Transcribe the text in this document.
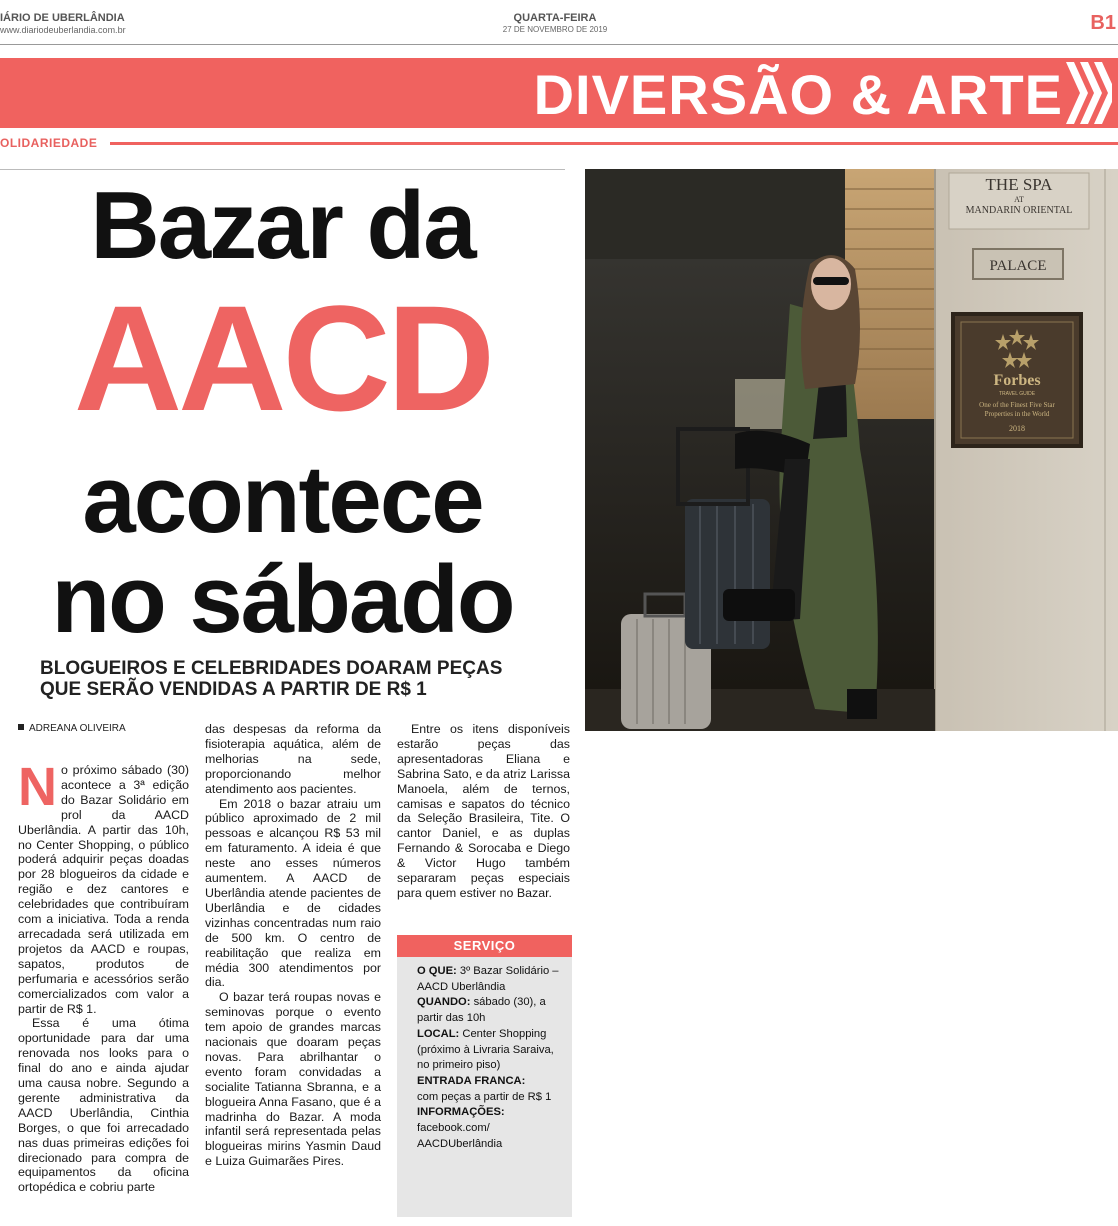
IÁRIO DE UBERLÂNDIA
www.diariodeuberlandia.com.br
QUARTA-FEIRA
27 DE NOVEMBRO DE 2019	B1
DIVERSÃO & ARTE
OLIDARIEDADE
Bazar da
AACD
acontece
no sábado
BLOGUEIROS E CELEBRIDADES DOARAM PEÇAS
QUE SERÃO VENDIDAS A PARTIR DE R$ 1
ADREANA OLIVEIRA
N o próximo sábado (30) acontece a 3ª edição do Bazar Solidário em prol da AACD Uberlândia. A partir das 10h, no Center Shopping, o público poderá adquirir peças doadas por 28 blogueiros da cidade e região e dez cantores e celebridades que contribuíram com a iniciativa. Toda a renda arrecadada será utilizada em projetos da AACD e roupas, sapatos, produtos de perfumaria e acessórios serão comercializados com valor a partir de R$ 1.

Essa é uma ótima oportunidade para dar uma renovada nos looks para o final do ano e ainda ajudar uma causa nobre. Segundo a gerente administrativa da AACD Uberlândia, Cinthia Borges, o que foi arrecadado nas duas primeiras edições foi direcionado para compra de equipamentos da oficina ortopédica e cobriu parte

das despesas da reforma da fisioterapia aquática, além de melhorias na sede, proporcionando melhor atendimento aos pacientes.

Em 2018 o bazar atraiu um público aproximado de 2 mil pessoas e alcançou R$ 53 mil em faturamento. A ideia é que neste ano esses números aumentem. A AACD de Uberlândia atende pacientes de Uberlândia e de cidades vizinhas concentradas num raio de 500 km. O centro de reabilitação que realiza em média 300 atendimentos por dia.

O bazar terá roupas novas e seminovas porque o evento tem apoio de grandes marcas nacionais que doaram peças novas. Para abrilhantar o evento foram convidadas a socialite Tatianna Sbranna, e a blogueira Anna Fasano, que é a madrinha do Bazar. A moda infantil será representada pelas blogueiras mirins Yasmin Daud e Luiza Guimarães Pires.

Entre os itens disponíveis estarão peças das apresentadoras Eliana e Sabrina Sato, e da atriz Larissa Manoela, além de ternos, camisas e sapatos do técnico da Seleção Brasileira, Tite. O cantor Daniel, e as duplas Fernando & Sorocaba e Diego & Victor Hugo também separaram peças especiais para quem estiver no Bazar.

SERVIÇO
O QUE: 3º Bazar Solidário – AACD Uberlândia
QUANDO: sábado (30), a partir das 10h
LOCAL: Center Shopping (próximo à Livraria Saraiva, no primeiro piso)
ENTRADA FRANCA:
com peças a partir de R$ 1
INFORMAÇÕES:
facebook.com/ AACDUberlândia
THE SPA
AT
MANDARIN ORIENTAL
PALACE
Forbes
TRAVEL GUIDE
One of the Finest Five Star
Properties in the World
2018
